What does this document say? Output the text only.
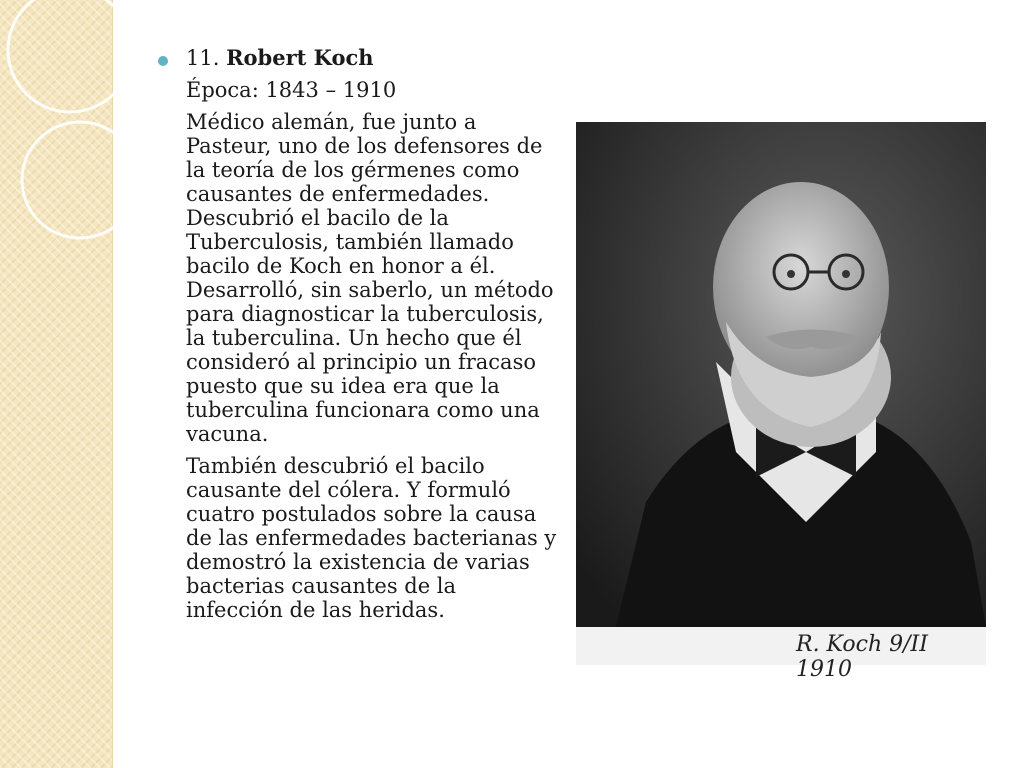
11. Robert Koch

Época: 1843 – 1910

Médico alemán, fue junto a Pasteur, uno de los defensores de la teoría de los gérmenes como causantes de enfermedades. Descubrió el bacilo de la Tuberculosis, también llamado bacilo de Koch en honor a él. Desarrolló, sin saberlo, un método para diagnosticar la tuberculosis, la tuberculina. Un hecho que él consideró al principio un fracaso puesto que su idea era que la tuberculina funcionara como una vacuna.

También descubrió el bacilo causante del cólera. Y formuló cuatro postulados sobre la causa de las enfermedades bacterianas y demostró la existencia de varias bacterias causantes de la infección de las heridas.

R. Koch 9/II 1910
